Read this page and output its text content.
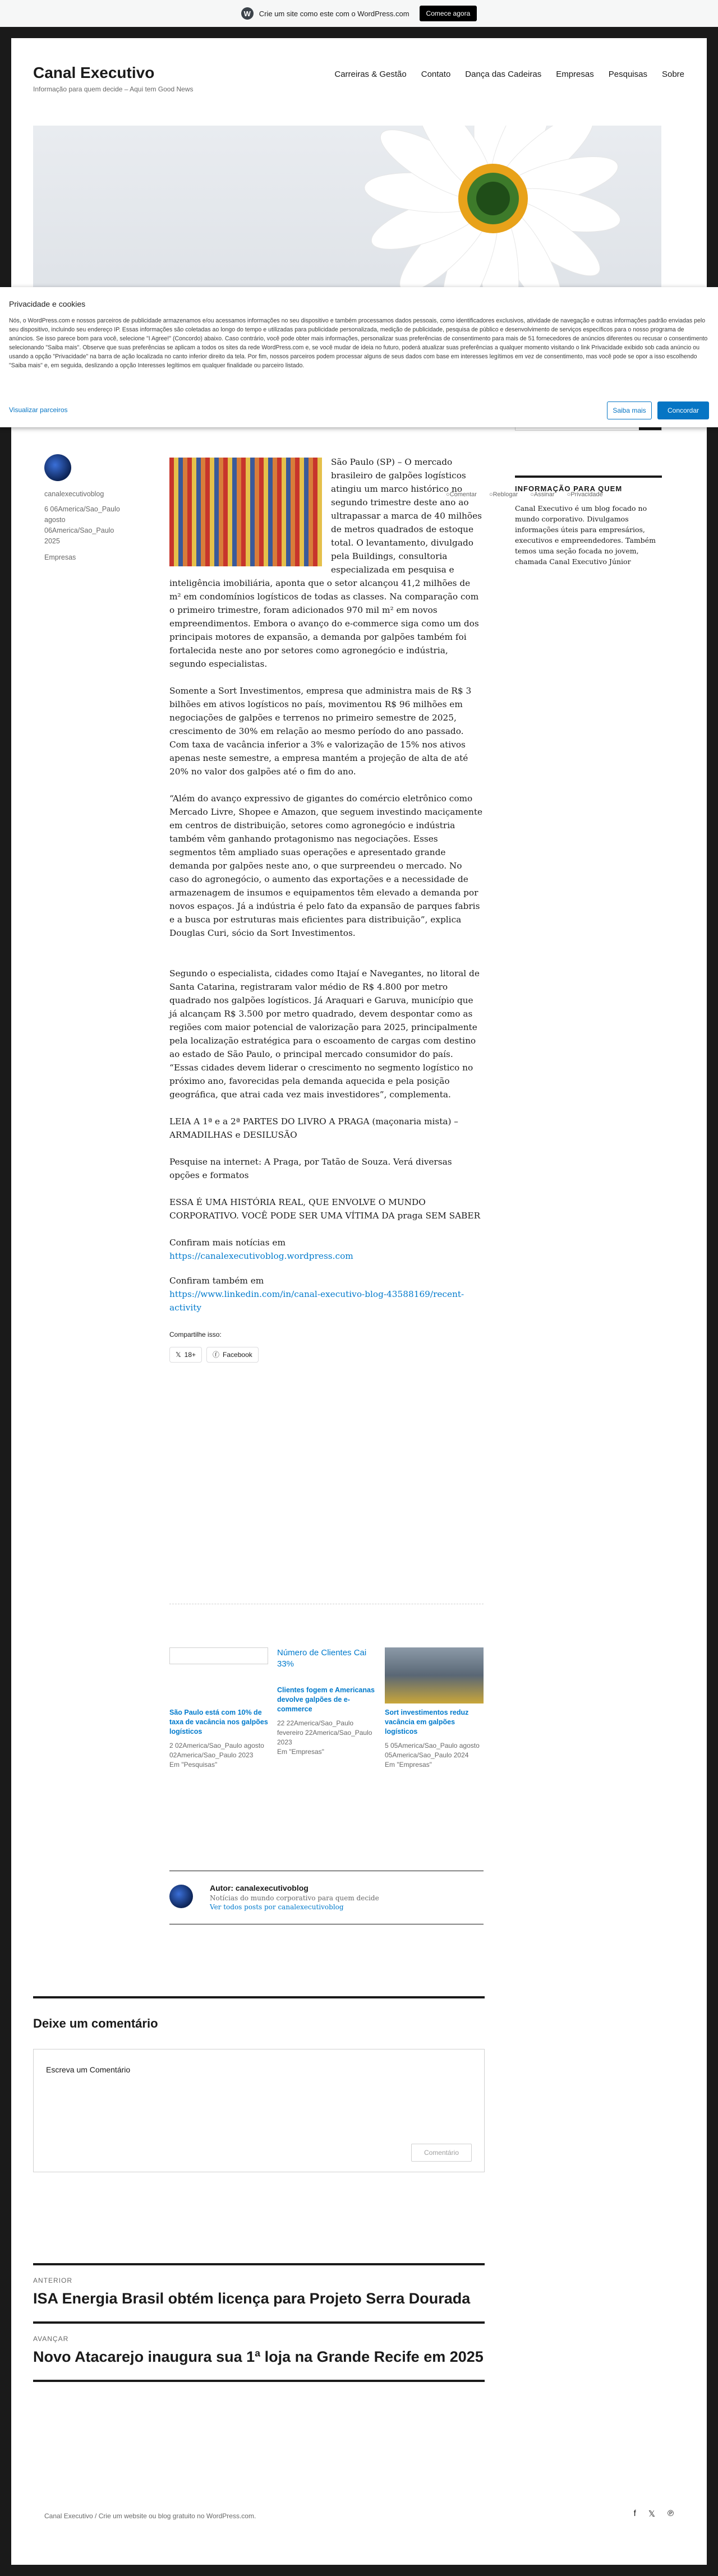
W	Crie um site como este com o WordPress.com	Comece agora
Canal Executivo
Informação para quem decide – Aqui tem Good News
Carreiras & Gestão Contato Dança das Cadeiras Empresas Pesquisas Sobre
Privacidade e cookies

Nós, o WordPress.com e nossos parceiros de publicidade armazenamos e/ou acessamos informações no seu dispositivo e também processamos dados pessoais, como identificadores exclusivos, atividade de navegação e outras informações padrão enviadas pelo seu dispositivo, incluindo seu endereço IP. Essas informações são coletadas ao longo do tempo e utilizadas para publicidade personalizada, medição de publicidade, pesquisa de público e desenvolvimento de serviços específicos para o nosso programa de anúncios. Se isso parece bom para você, selecione "I Agree!" (Concordo) abaixo. Caso contrário, você pode obter mais informações, personalizar suas preferências de consentimento para mais de 51 fornecedores de anúncios diferentes ou recusar o consentimento selecionando "Saiba mais". Observe que suas preferências se aplicam a todos os sites da rede WordPress.com e, se você mudar de ideia no futuro, poderá atualizar suas preferências a qualquer momento visitando o link Privacidade exibido sob cada anúncio ou usando a opção "Privacidade" na barra de ação localizada no canto inferior direito da tela. Por fim, nossos parceiros podem processar alguns de seus dados com base em interesses legítimos em vez de consentimento, mas você pode se opor a isso escolhendo "Saiba mais" e, em seguida, deslizando a opção Interesses legítimos em qualquer finalidade ou parceiro listado.

Visualizar parceiros	Saiba mais	Concordar
○ Comentar	○ Reblogar	○ Assinar	○ Privacidade
canalexecutivoblog
6 06America/Sao_Paulo agosto 06America/Sao_Paulo 2025
Empresas

São Paulo (SP) – O mercado brasileiro de galpões logísticos atingiu um marco histórico no segundo trimestre deste ano ao ultrapassar a marca de 40 milhões de metros quadrados de estoque total. O levantamento, divulgado pela Buildings, consultoria especializada em pesquisa e inteligência imobiliária, aponta que o setor alcançou 41,2 milhões de m² em condomínios logísticos de todas as classes. Na comparação com o primeiro trimestre, foram adicionados 970 mil m² em novos empreendimentos. Embora o avanço do e-commerce siga como um dos principais motores de expansão, a demanda por galpões também foi fortalecida neste ano por setores como agronegócio e indústria, segundo especialistas.

Somente a Sort Investimentos, empresa que administra mais de R$ 3 bilhões em ativos logísticos no país, movimentou R$ 96 milhões em negociações de galpões e terrenos no primeiro semestre de 2025, crescimento de 30% em relação ao mesmo período do ano passado. Com taxa de vacância inferior a 3% e valorização de 15% nos ativos apenas neste semestre, a empresa mantém a projeção de alta de até 20% no valor dos galpões até o fim do ano.

“Além do avanço expressivo de gigantes do comércio eletrônico como Mercado Livre, Shopee e Amazon, que seguem investindo maciçamente em centros de distribuição, setores como agronegócio e indústria também vêm ganhando protagonismo nas negociações. Esses segmentos têm ampliado suas operações e apresentado grande demanda por galpões neste ano, o que surpreendeu o mercado. No caso do agronegócio, o aumento das exportações e a necessidade de armazenagem de insumos e equipamentos têm elevado a demanda por novos espaços. Já a indústria é pelo fato da expansão de parques fabris e a busca por estruturas mais eficientes para distribuição”, explica Douglas Curi, sócio da Sort Investimentos.

Segundo o especialista, cidades como Itajaí e Navegantes, no litoral de Santa Catarina, registraram valor médio de R$ 4.800 por metro quadrado nos galpões logísticos. Já Araquari e Garuva, município que já alcançam R$ 3.500 por metro quadrado, devem despontar como as regiões com maior potencial de valorização para 2025, principalmente pela localização estratégica para o escoamento de cargas com destino ao estado de São Paulo, o principal mercado consumidor do país. “Essas cidades devem liderar o crescimento no segmento logístico no próximo ano, favorecidas pela demanda aquecida e pela posição geográfica, que atrai cada vez mais investidores”, complementa.

LEIA A 1ª e a 2ª PARTES DO LIVRO A PRAGA (maçonaria mista) – ARMADILHAS e DESILUSÃO

Pesquise na internet: A Praga, por Tatão de Souza. Verá diversas opções e formatos

ESSA É UMA HISTÓRIA REAL, QUE ENVOLVE O MUNDO CORPORATIVO. VOCÊ PODE SER UMA VÍTIMA DA praga SEM SABER

Confiram mais notícias em
https://canalexecutivoblog.wordpress.com

Confiram também em
https://www.linkedin.com/in/canal-executivo-blog-43588169/recent-activity

Compartilhe isso:
𝕏 18+	ⓕ Facebook
São Paulo está com 10% de taxa de vacância nos galpões logísticos
2 02America/Sao_Paulo agosto 02America/Sao_Paulo 2023
Em "Pesquisas"
Número de Clientes Cai 33%
Clientes fogem e Americanas devolve galpões de e-commerce
22 22America/Sao_Paulo fevereiro 22America/Sao_Paulo 2023
Em "Empresas"
Sort investimentos reduz vacância em galpões logísticos
5 05America/Sao_Paulo agosto 05America/Sao_Paulo 2024
Em "Empresas"
Autor: canalexecutivoblog
Notícias do mundo corporativo para quem decide
Ver todos posts por canalexecutivoblog
Deixe um comentário
Escreva um Comentário
Comentário
ANTERIOR
ISA Energia Brasil obtém licença para Projeto Serra Dourada
AVANÇAR
Novo Atacarejo inaugura sua 1ª loja na Grande Recife em 2025
INFORMAÇÃO PARA QUEM
Canal Executivo é um blog focado no mundo corporativo. Divulgamos informações úteis para empresários, executivos e empreendedores. Também temos uma seção focada no jovem, chamada Canal Executivo Júnior
Canal Executivo / Crie um website ou blog gratuito no WordPress.com.	f 𝕏 ℗
